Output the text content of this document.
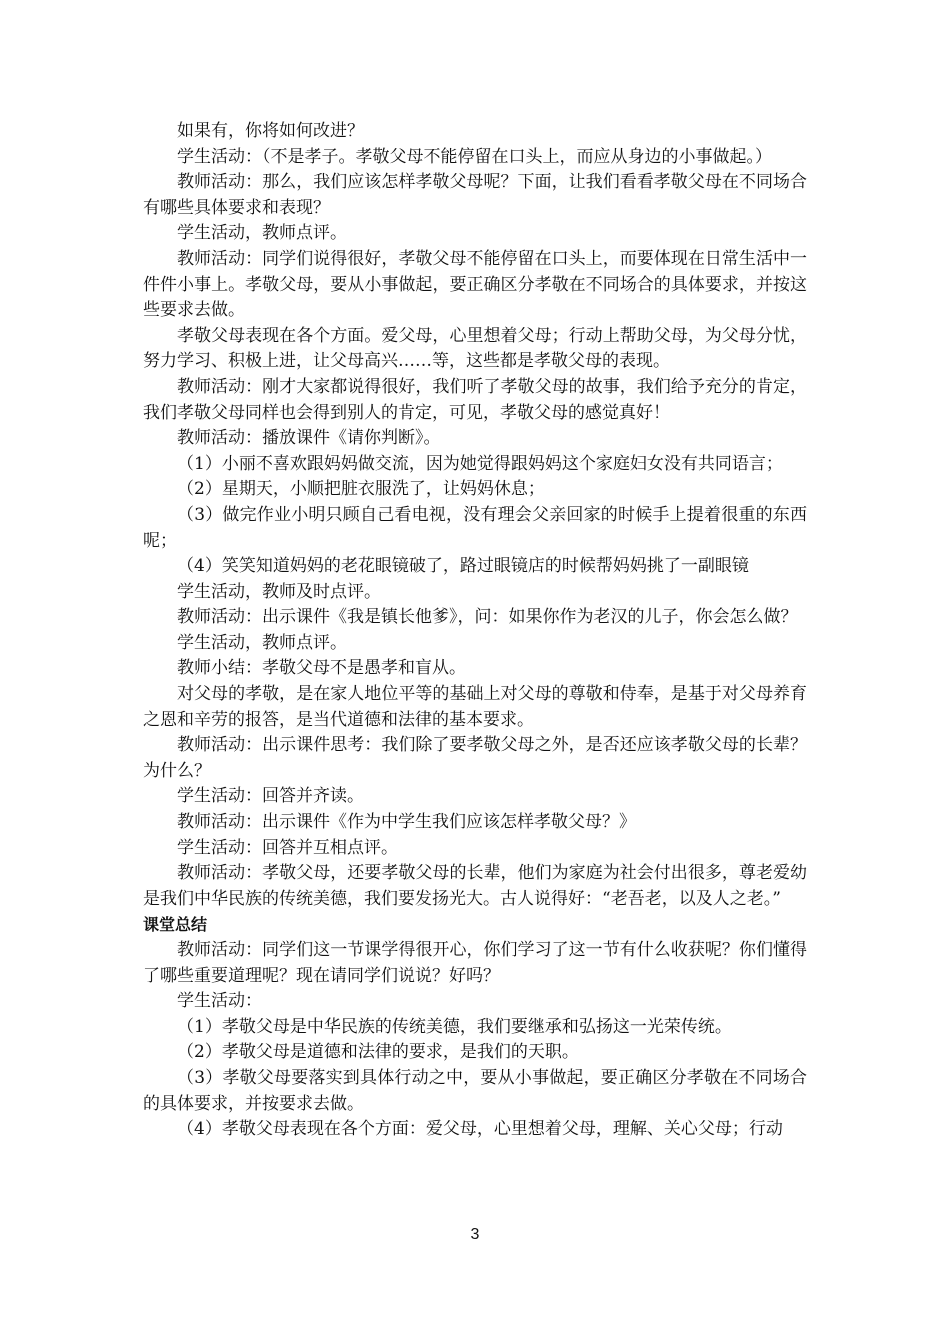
如果有，你将如何改进？

学生活动：（不是孝子。孝敬父母不能停留在口头上，而应从身边的小事做起。）

教师活动：那么，我们应该怎样孝敬父母呢？下面，让我们看看孝敬父母在不同场合有哪些具体要求和表现？

学生活动，教师点评。

教师活动：同学们说得很好，孝敬父母不能停留在口头上，而要体现在日常生活中一件件小事上。孝敬父母，要从小事做起，要正确区分孝敬在不同场合的具体要求，并按这些要求去做。

孝敬父母表现在各个方面。爱父母，心里想着父母；行动上帮助父母，为父母分忧，努力学习、积极上进，让父母高兴……等，这些都是孝敬父母的表现。

教师活动：刚才大家都说得很好，我们听了孝敬父母的故事，我们给予充分的肯定，我们孝敬父母同样也会得到别人的肯定，可见，孝敬父母的感觉真好！

教师活动：播放课件《请你判断》。

（1）小丽不喜欢跟妈妈做交流，因为她觉得跟妈妈这个家庭妇女没有共同语言；

（2）星期天，小顺把脏衣服洗了，让妈妈休息；

（3）做完作业小明只顾自己看电视，没有理会父亲回家的时候手上提着很重的东西呢；

（4）笑笑知道妈妈的老花眼镜破了，路过眼镜店的时候帮妈妈挑了一副眼镜

学生活动，教师及时点评。

教师活动：出示课件《我是镇长他爹》，问：如果你作为老汉的儿子，你会怎么做？

学生活动，教师点评。

教师小结：孝敬父母不是愚孝和盲从。

对父母的孝敬，是在家人地位平等的基础上对父母的尊敬和侍奉，是基于对父母养育之恩和辛劳的报答，是当代道德和法律的基本要求。

教师活动：出示课件思考：我们除了要孝敬父母之外，是否还应该孝敬父母的长辈？为什么？

学生活动：回答并齐读。

教师活动：出示课件《作为中学生我们应该怎样孝敬父母？》

学生活动：回答并互相点评。

教师活动：孝敬父母，还要孝敬父母的长辈，他们为家庭为社会付出很多，尊老爱幼是我们中华民族的传统美德，我们要发扬光大。古人说得好：“老吾老，以及人之老。”

课堂总结

教师活动：同学们这一节课学得很开心，你们学习了这一节有什么收获呢？你们懂得了哪些重要道理呢？现在请同学们说说？好吗？

学生活动：

（1）孝敬父母是中华民族的传统美德，我们要继承和弘扬这一光荣传统。

（2）孝敬父母是道德和法律的要求，是我们的天职。

（3）孝敬父母要落实到具体行动之中，要从小事做起，要正确区分孝敬在不同场合的具体要求，并按要求去做。

（4）孝敬父母表现在各个方面：爱父母，心里想着父母，理解、关心父母；行动

3
